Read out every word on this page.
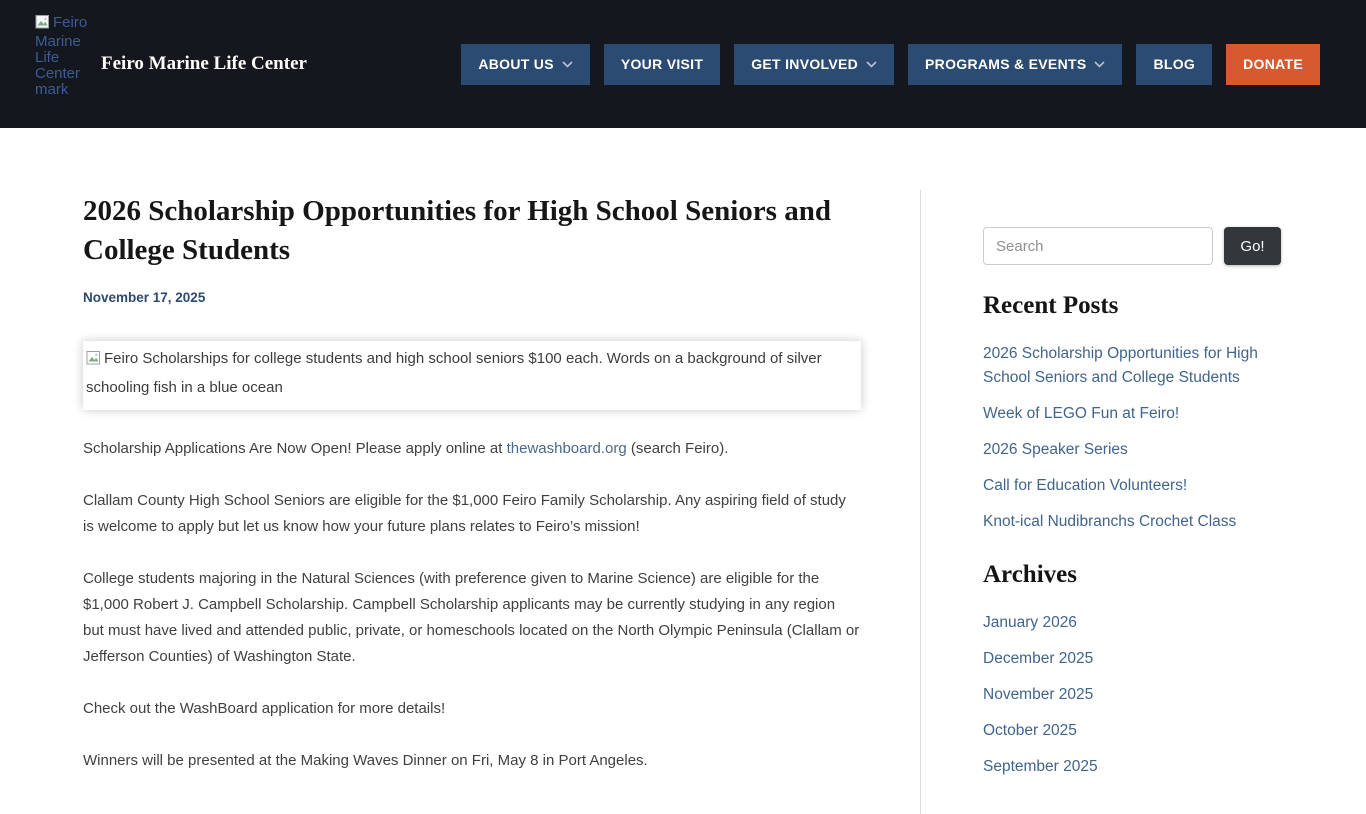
Feiro Marine Life Center mark
Feiro Marine Life Center	ABOUT US	YOUR VISIT	GET INVOLVED	PROGRAMS & EVENTS	BLOG	DONATE
2026 Scholarship Opportunities for High School Seniors and College Students
November 17, 2025
Feiro Scholarships for college students and high school seniors $100 each. Words on a background of silver schooling fish in a blue ocean

Scholarship Applications Are Now Open! Please apply online at thewashboard.org (search Feiro).

Clallam County High School Seniors are eligible for the $1,000 Feiro Family Scholarship. Any aspiring field of study is welcome to apply but let us know how your future plans relates to Feiro’s mission!

College students majoring in the Natural Sciences (with preference given to Marine Science) are eligible for the $1,000 Robert J. Campbell Scholarship. Campbell Scholarship applicants may be currently studying in any region but must have lived and attended public, private, or homeschools located on the North Olympic Peninsula (Clallam or Jefferson Counties) of Washington State.

Check out the WashBoard application for more details!

Winners will be presented at the Making Waves Dinner on Fri, May 8 in Port Angeles.

Search
Go!
Recent Posts
2026 Scholarship Opportunities for High School Seniors and College Students
Week of LEGO Fun at Feiro!
2026 Speaker Series
Call for Education Volunteers!
Knot-ical Nudibranchs Crochet Class
Archives
January 2026
December 2025
November 2025
October 2025
September 2025
